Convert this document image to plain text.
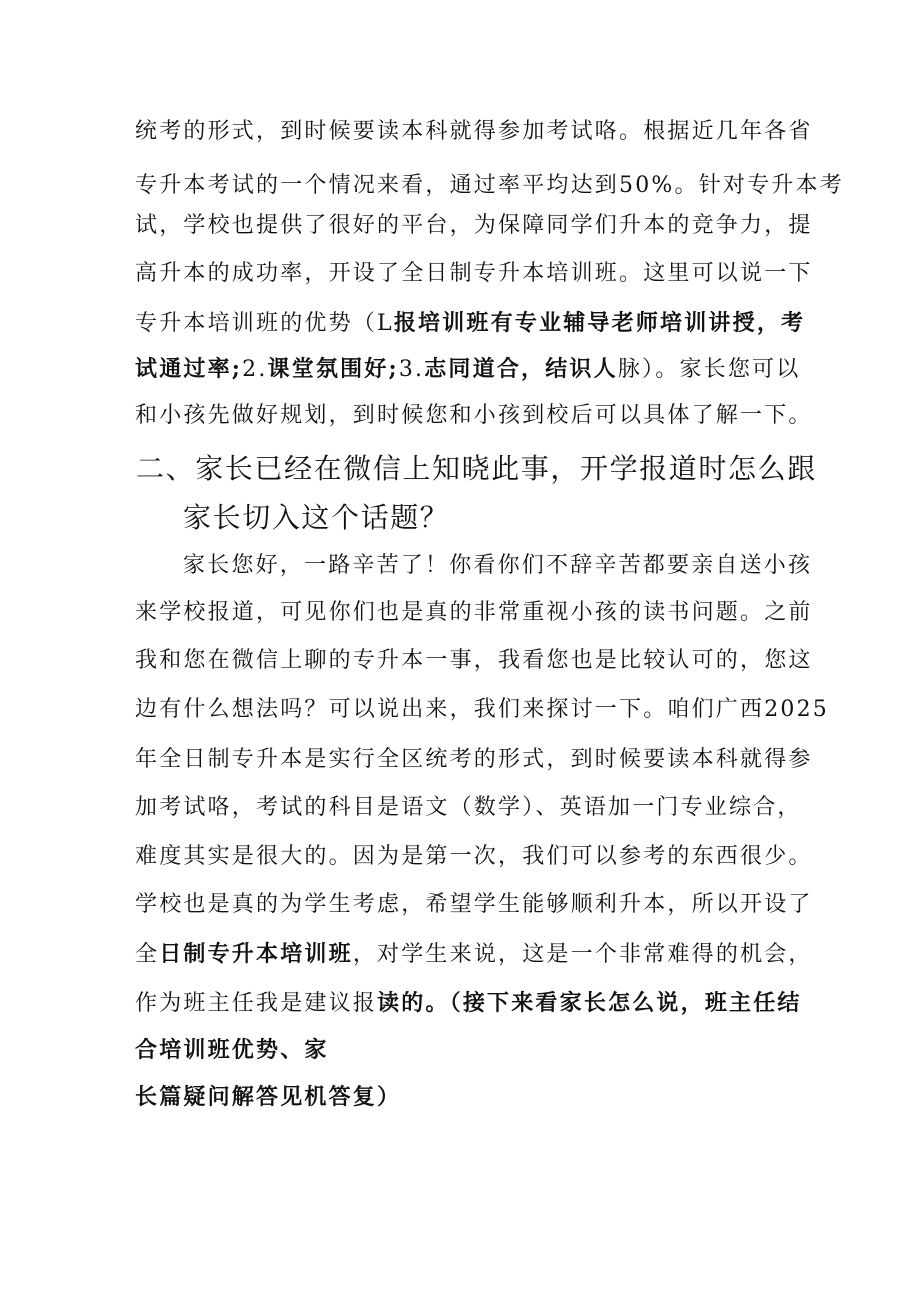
统考的形式，到时候要读本科就得参加考试咯。根据近几年各省
专升本考试的一个情况来看，通过率平均达到50%。针对专升本考
试，学校也提供了很好的平台，为保障同学们升本的竞争力，提
高升本的成功率，开设了全日制专升本培训班。这里可以说一下
专升本培训班的优势（L报培训班有专业辅导老师培训讲授，考
试通过率;2.课堂氛围好;3.志同道合，结识人脉）。家长您可以
和小孩先做好规划，到时候您和小孩到校后可以具体了解一下。
二、家长已经在微信上知晓此事，开学报道时怎么跟
家长切入这个话题？
家长您好，一路辛苦了！你看你们不辞辛苦都要亲自送小孩
来学校报道，可见你们也是真的非常重视小孩的读书问题。之前
我和您在微信上聊的专升本一事，我看您也是比较认可的，您这
边有什么想法吗？可以说出来，我们来探讨一下。咱们广西2025
年全日制专升本是实行全区统考的形式，到时候要读本科就得参
加考试咯，考试的科目是语文（数学）、英语加一门专业综合，
难度其实是很大的。因为是第一次，我们可以参考的东西很少。
学校也是真的为学生考虑，希望学生能够顺利升本，所以开设了
全日制专升本培训班，对学生来说，这是一个非常难得的机会，
作为班主任我是建议报读的。（接下来看家长怎么说，班主任结
合培训班优势、家
长篇疑问解答见机答复）
